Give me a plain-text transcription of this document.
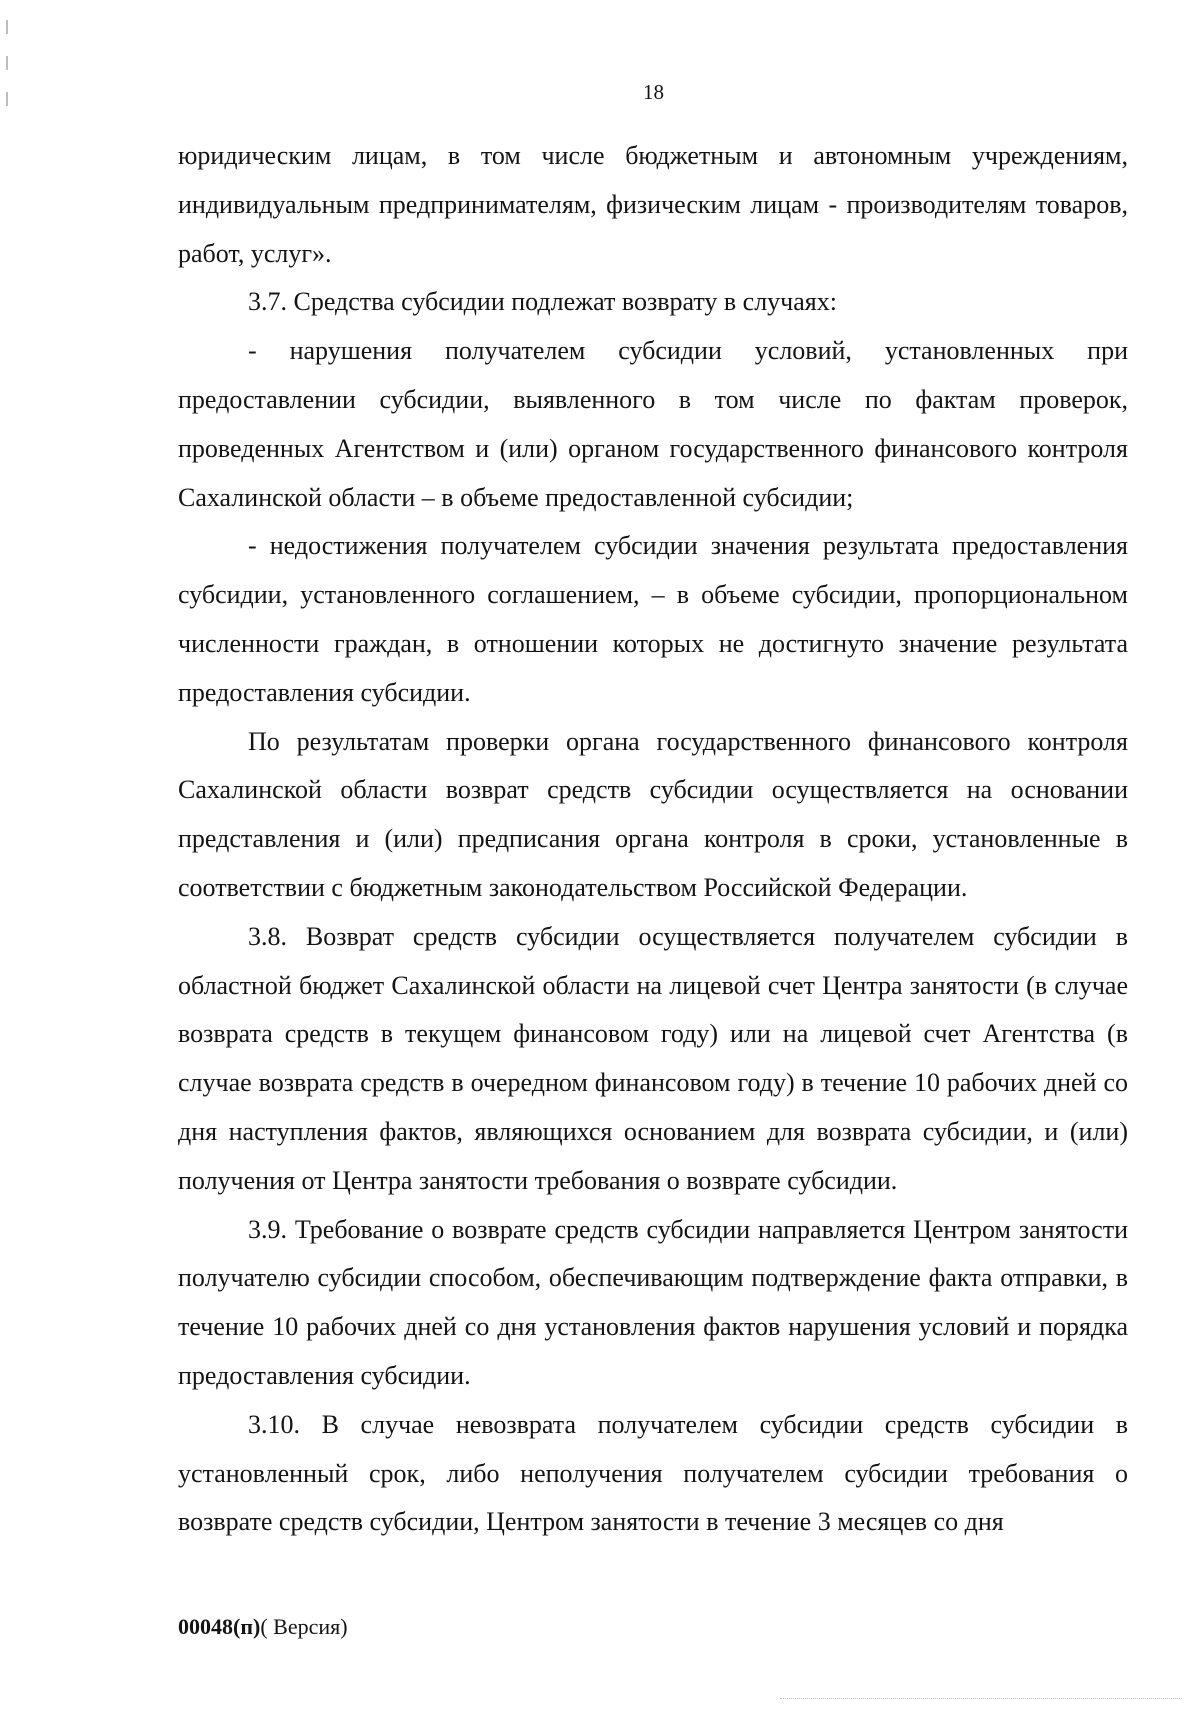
18

юридическим лицам, в том числе бюджетным и автономным учреждениям, индивидуальным предпринимателям, физическим лицам - производителям товаров, работ, услуг».

3.7. Средства субсидии подлежат возврату в случаях:

- нарушения получателем субсидии условий, установленных при предоставлении субсидии, выявленного в том числе по фактам проверок, проведенных Агентством и (или) органом государственного финансового контроля Сахалинской области – в объеме предоставленной субсидии;

- недостижения получателем субсидии значения результата предоставления субсидии, установленного соглашением, – в объеме субсидии, пропорциональном численности граждан, в отношении которых не достигнуто значение результата предоставления субсидии.

По результатам проверки органа государственного финансового контроля Сахалинской области возврат средств субсидии осуществляется на основании представления и (или) предписания органа контроля в сроки, установленные в соответствии с бюджетным законодательством Российской Федерации.

3.8. Возврат средств субсидии осуществляется получателем субсидии в областной бюджет Сахалинской области на лицевой счет Центра занятости (в случае возврата средств в текущем финансовом году) или на лицевой счет Агентства (в случае возврата средств в очередном финансовом году) в течение 10 рабочих дней со дня наступления фактов, являющихся основанием для возврата субсидии, и (или) получения от Центра занятости требования о возврате субсидии.

3.9. Требование о возврате средств субсидии направляется Центром занятости получателю субсидии способом, обеспечивающим подтверждение факта отправки, в течение 10 рабочих дней со дня установления фактов нарушения условий и порядка предоставления субсидии.

3.10. В случае невозврата получателем субсидии средств субсидии в установленный срок, либо неполучения получателем субсидии требования о возврате средств субсидии, Центром занятости в течение 3 месяцев со дня

00048(п)( Версия)
